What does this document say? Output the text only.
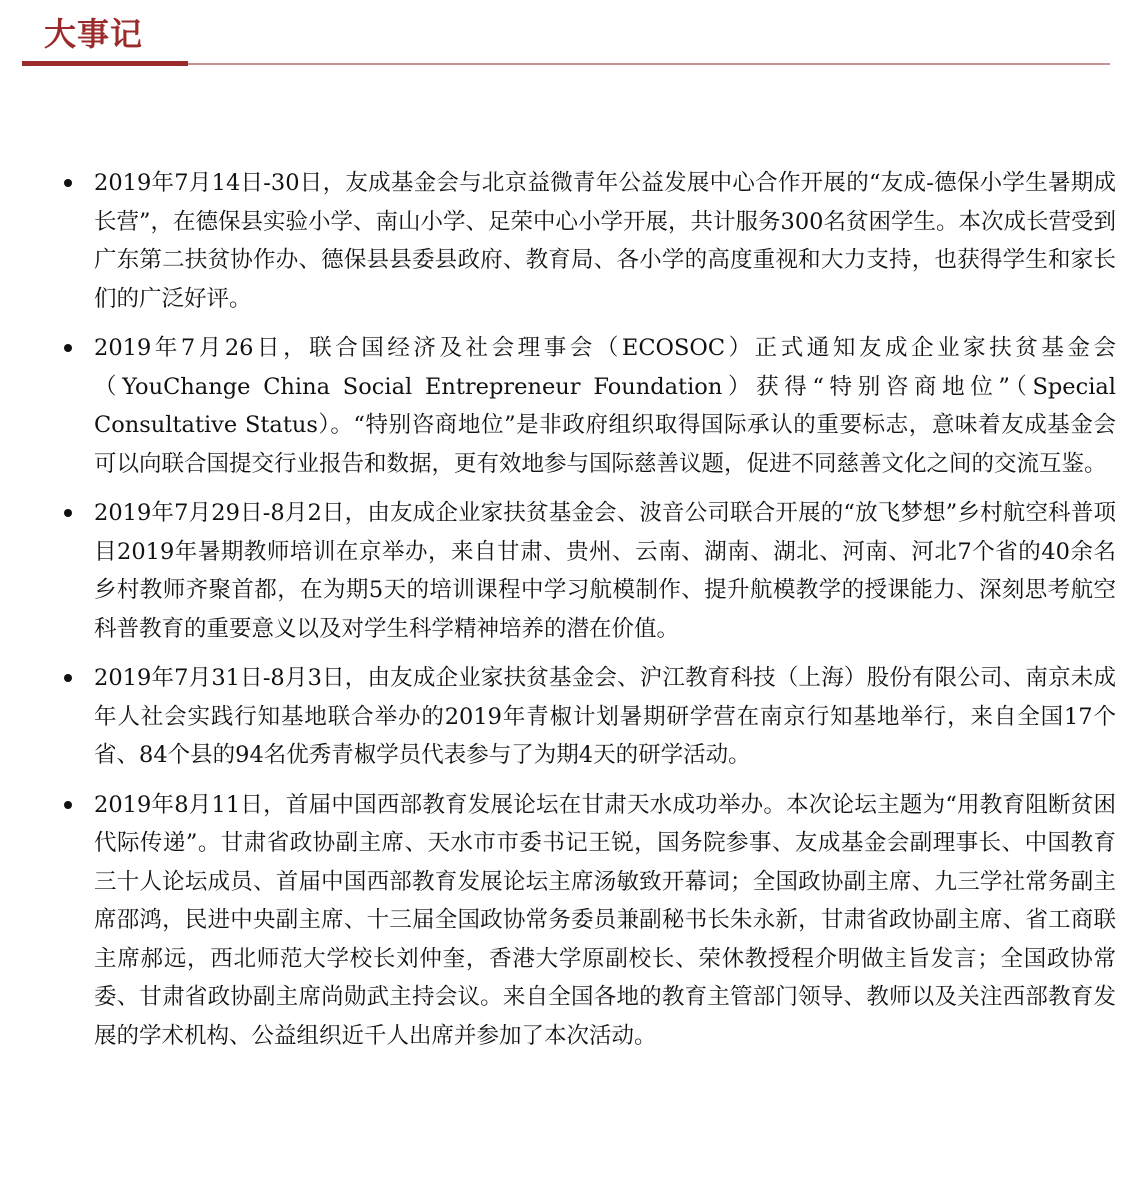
大事记
2019年7月14日-30日，友成基金会与北京益微青年公益发展中心合作开展的“友成-德保小学生暑期成长营”，在德保县实验小学、南山小学、足荣中心小学开展，共计服务300名贫困学生。本次成长营受到广东第二扶贫协作办、德保县县委县政府、教育局、各小学的高度重视和大力支持，也获得学生和家长们的广泛好评。
2019年7月26日，联合国经济及社会理事会（ECOSOC）正式通知友成企业家扶贫基金会（YouChange China Social Entrepreneur Foundation）获得“特别咨商地位”（Special Consultative Status）。“特别咨商地位”是非政府组织取得国际承认的重要标志，意味着友成基金会可以向联合国提交行业报告和数据，更有效地参与国际慈善议题，促进不同慈善文化之间的交流互鉴。
2019年7月29日-8月2日，由友成企业家扶贫基金会、波音公司联合开展的“放飞梦想”乡村航空科普项目2019年暑期教师培训在京举办，来自甘肃、贵州、云南、湖南、湖北、河南、河北7个省的40余名乡村教师齐聚首都，在为期5天的培训课程中学习航模制作、提升航模教学的授课能力、深刻思考航空科普教育的重要意义以及对学生科学精神培养的潜在价值。
2019年7月31日-8月3日，由友成企业家扶贫基金会、沪江教育科技（上海）股份有限公司、南京未成年人社会实践行知基地联合举办的2019年青椒计划暑期研学营在南京行知基地举行，来自全国17个省、84个县的94名优秀青椒学员代表参与了为期4天的研学活动。
2019年8月11日，首届中国西部教育发展论坛在甘肃天水成功举办。本次论坛主题为“用教育阻断贫困代际传递”。甘肃省政协副主席、天水市市委书记王锐，国务院参事、友成基金会副理事长、中国教育三十人论坛成员、首届中国西部教育发展论坛主席汤敏致开幕词；全国政协副主席、九三学社常务副主席邵鸿，民进中央副主席、十三届全国政协常务委员兼副秘书长朱永新，甘肃省政协副主席、省工商联主席郝远，西北师范大学校长刘仲奎，香港大学原副校长、荣休教授程介明做主旨发言；全国政协常委、甘肃省政协副主席尚勋武主持会议。来自全国各地的教育主管部门领导、教师以及关注西部教育发展的学术机构、公益组织近千人出席并参加了本次活动。
